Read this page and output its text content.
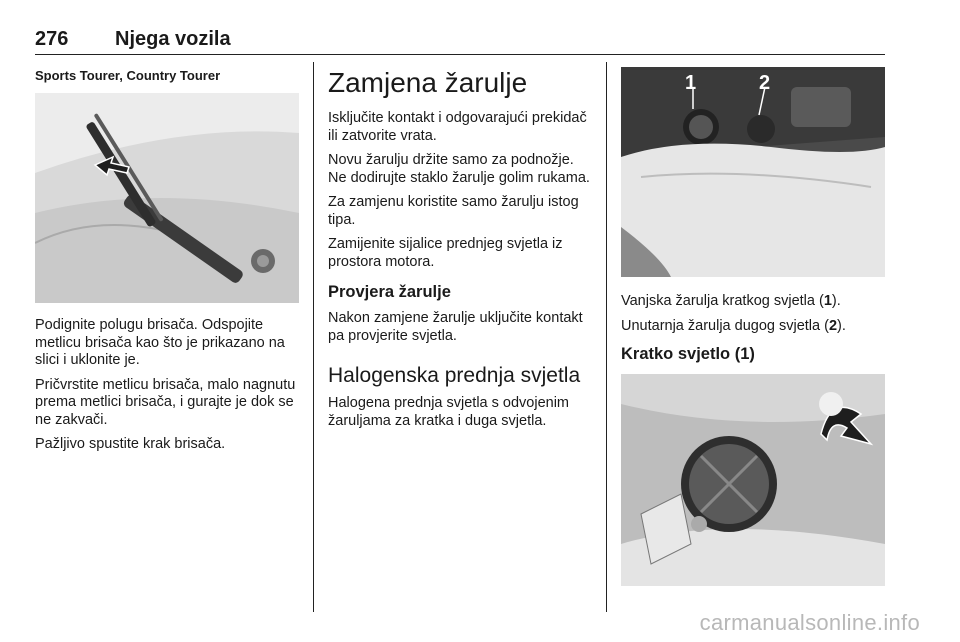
276 Njega vozila
Sports Tourer, Country Tourer

Podignite polugu brisača. Odspojite metlicu brisača kao što je prikazano na slici i uklonite je.

Pričvrstite metlicu brisača, malo nagnutu prema metlici brisača, i gurajte je dok se ne zakvači.

Pažljivo spustite krak brisača.

Zamjena žarulje

Isključite kontakt i odgovarajući prekidač ili zatvorite vrata.

Novu žarulju držite samo za podnožje. Ne dodirujte staklo žarulje golim rukama.

Za zamjenu koristite samo žarulju istog tipa.

Zamijenite sijalice prednjeg svjetla iz prostora motora.

Provjera žarulje

Nakon zamjene žarulje uključite kontakt pa provjerite svjetla.

Halogenska prednja svjetla

Halogena prednja svjetla s odvojenim žaruljama za kratka i duga svjetla.

1	2

Vanjska žarulja kratkog svjetla (1).

Unutarnja žarulja dugog svjetla (2).

Kratko svjetlo (1)
carmanualsonline.info
